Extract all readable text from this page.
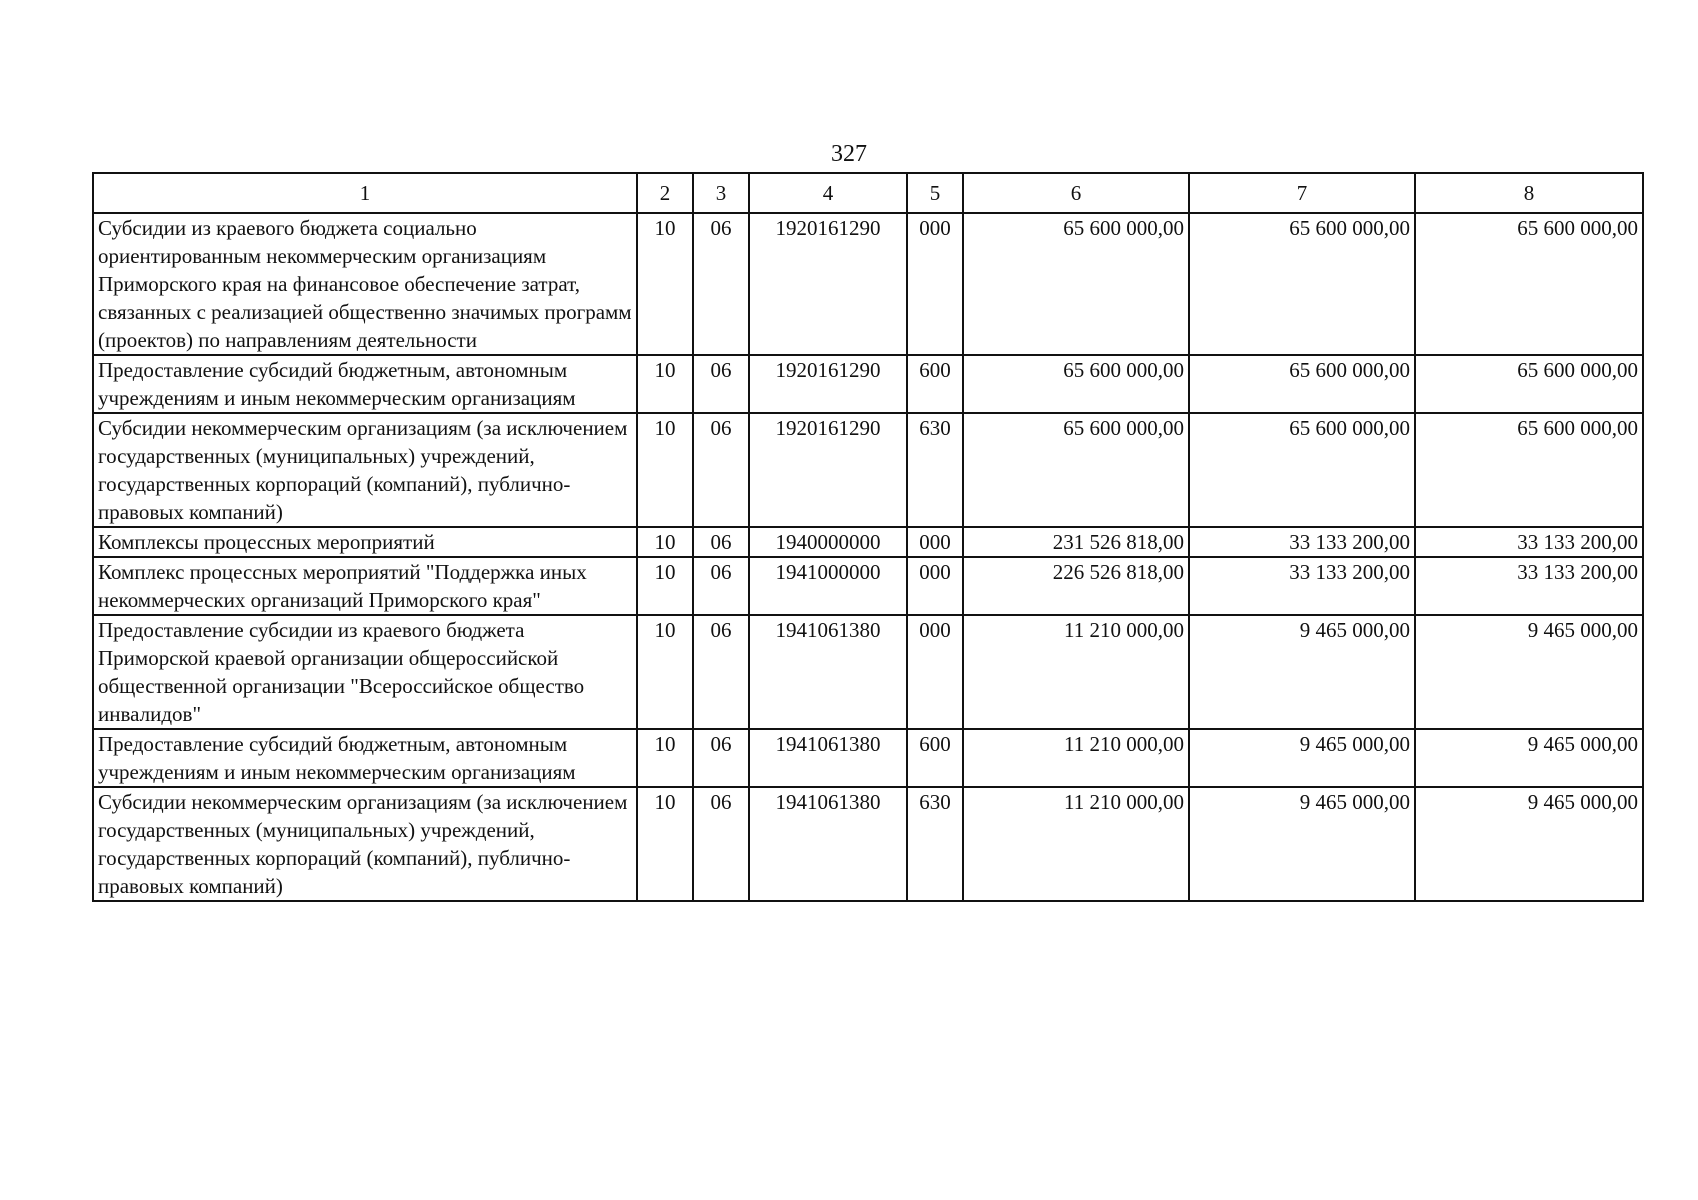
327
1	2	3	4	5	6	7	8
Субсидии из краевого бюджета социально ориентированным некоммерческим организациям Приморского края на финансовое обеспечение затрат, связанных с реализацией общественно значимых программ (проектов) по направлениям деятельности	10	06	1920161290	000	65 600 000,00	65 600 000,00	65 600 000,00
Предоставление субсидий бюджетным, автономным учреждениям и иным некоммерческим организациям	10	06	1920161290	600	65 600 000,00	65 600 000,00	65 600 000,00
Субсидии некоммерческим организациям (за исключением государственных (муниципальных) учреждений, государственных корпораций (компаний), публично-правовых компаний)	10	06	1920161290	630	65 600 000,00	65 600 000,00	65 600 000,00
Комплексы процессных мероприятий	10	06	1940000000	000	231 526 818,00	33 133 200,00	33 133 200,00
Комплекс процессных мероприятий "Поддержка иных некоммерческих организаций Приморского края"	10	06	1941000000	000	226 526 818,00	33 133 200,00	33 133 200,00
Предоставление субсидии из краевого бюджета Приморской краевой организации общероссийской общественной организации "Всероссийское общество инвалидов"	10	06	1941061380	000	11 210 000,00	9 465 000,00	9 465 000,00
Предоставление субсидий бюджетным, автономным учреждениям и иным некоммерческим организациям	10	06	1941061380	600	11 210 000,00	9 465 000,00	9 465 000,00
Субсидии некоммерческим организациям (за исключением государственных (муниципальных) учреждений, государственных корпораций (компаний), публично-правовых компаний)	10	06	1941061380	630	11 210 000,00	9 465 000,00	9 465 000,00
